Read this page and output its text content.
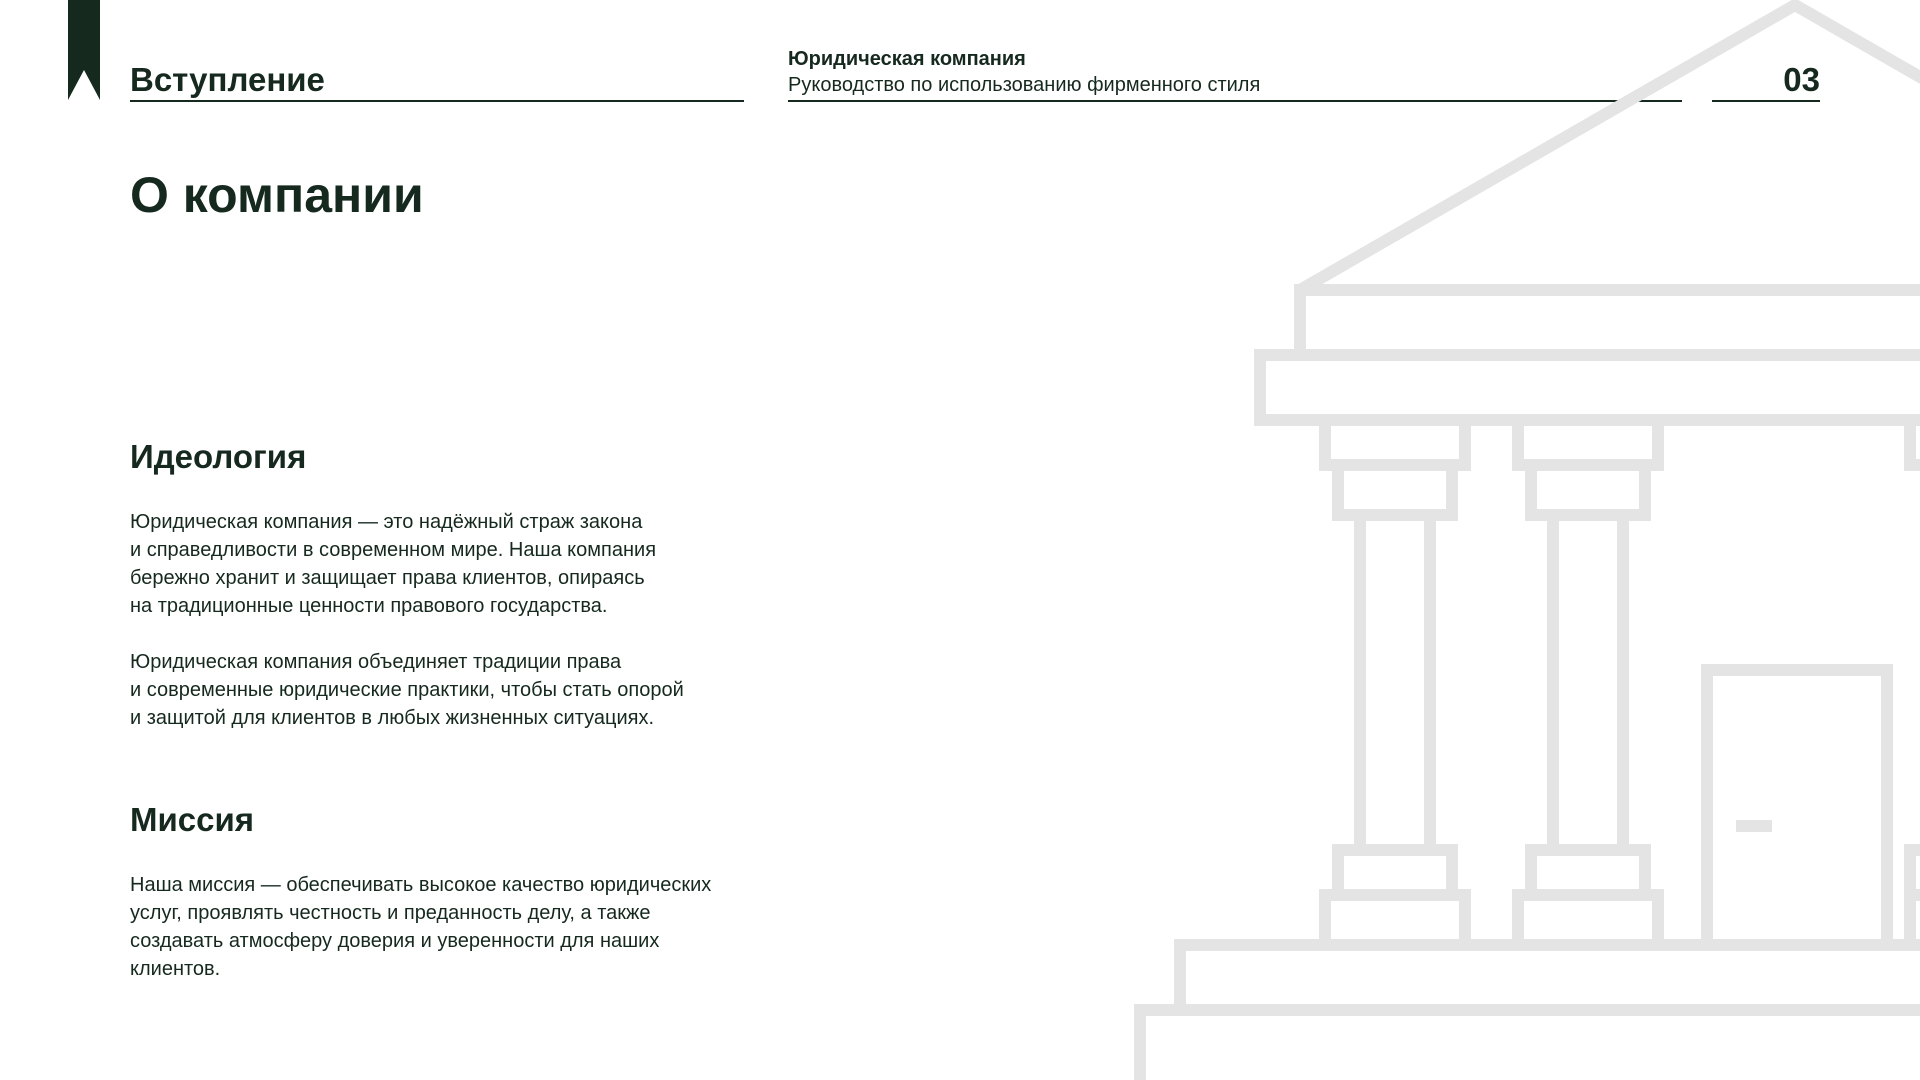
Вступление
Юридическая компания
Руководство по использованию фирменного стиля	03
О компании
Идеология

Юридическая компания — это надёжный страж закона
и справедливости в современном мире. Наша компания
бережно хранит и защищает права клиентов, опираясь
на традиционные ценности правового государства.

Юридическая компания объединяет традиции права
и современные юридические практики, чтобы стать опорой
и защитой для клиентов в любых жизненных ситуациях.

Миссия

Наша миссия — обеспечивать высокое качество юридических
услуг, проявлять честность и преданность делу, а также
создавать атмосферу доверия и уверенности для наших
клиентов.
